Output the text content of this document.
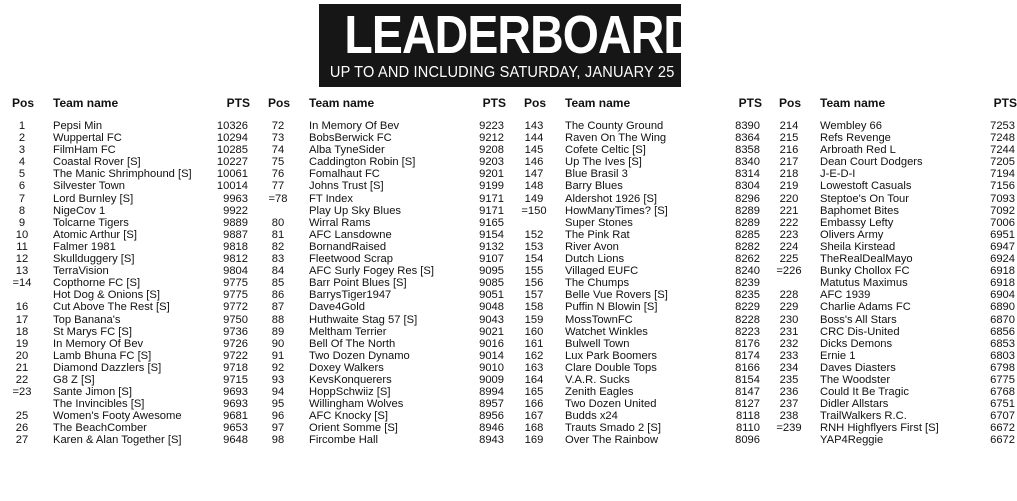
LEADERBOARD
UP TO AND INCLUDING SATURDAY, JANUARY 25
Pos Team name	PTS
1	Pepsi Min	10326
2	Wuppertal FC	10294
3	FilmHam FC	10285
4	Coastal Rover [S]	10227
5	The Manic Shrimphound [S] 10061
6	Silvester Town	10014
7	Lord Burnley [S]	9963
8	NigeCov 1	9922
9	Tolcarne Tigers	9889
10	Atomic Arthur [S]	9887
11	Falmer 1981	9818
12	Skullduggery [S]	9812
13	TerraVision	9804
=14	Copthorne FC [S]	9775
Hot Dog & Onions [S]	9775
16	Cut Above The Rest [S]	9772
17	Top Banana's	9750
18	St Marys FC [S]	9736
19	In Memory Of Bev	9726
20	Lamb Bhuna FC [S]	9722
21	Diamond Dazzlers [S]	9718
22	G8 Z [S]	9715
=23	Sante Jimon [S]	9693
The Invincibles [S]	9693
25	Women's Footy Awesome	9681
26	The BeachComber	9653
27	Karen & Alan Together [S]	9648
Pos Team name	PTS
72	In Memory Of Bev	9223
73	BobsBerwick FC	9212
74	Alba TyneSider	9208
75	Caddington Robin [S]	9203
76	Fomalhaut FC	9201
77	Johns Trust [S]	9199
=78	FT Index	9171
Play Up Sky Blues	9171
80	Wirral Rams	9165
81	AFC Lansdowne	9154
82	BornandRaised	9132
83	Fleetwood Scrap	9107
84	AFC Surly Fogey Res [S]	9095
85	Barr Point Blues [S]	9085
86	BarrysTiger1947	9051
87	Dave4Gold	9048
88	Huthwaite Stag 57 [S]	9043
89	Meltham Terrier	9021
90	Bell Of The North	9016
91	Two Dozen Dynamo	9014
92	Doxey Walkers	9010
93	KevsKonquerers	9009
94	HoppSchwiiz [S]	8994
95	Willingham Wolves	8957
96	AFC Knocky [S]	8956
97	Orient Somme [S]	8946
98	Fircombe Hall	8943
Pos Team name	PTS
143	The County Ground	8390
144	Raven On The Wing	8364
145	Cofete Celtic [S]	8358
146	Up The Ives [S]	8340
147	Blue Brasil 3	8314
148	Barry Blues	8304
149	Aldershot 1926 [S]	8296
=150	HowManyTimes? [S]	8289
Super Stones	8289
152	The Pink Rat	8285
153	River Avon	8282
154	Dutch Lions	8262
155	Villaged EUFC	8240
156	The Chumps	8239
157	Belle Vue Rovers [S]	8235
158	Puffin N Blowin [S]	8229
159	MossTownFC	8228
160	Watchet Winkles	8223
161	Bulwell Town	8176
162	Lux Park Boomers	8174
163	Clare Double Tops	8166
164	V.A.R. Sucks	8154
165	Zenith Eagles	8147
166	Two Dozen United	8127
167	Budds x24	8118
168	Trauts Smado 2 [S]	8110
169	Over The Rainbow	8096
Pos Team name	PTS
214	Wembley 66	7253
215	Refs Revenge	7248
216	Arbroath Red L	7244
217	Dean Court Dodgers	7205
218	J-E-D-I	7194
219	Lowestoft Casuals	7156
220	Steptoe's On Tour	7093
221	Baphomet Bites	7092
222	Embassy Lefty	7006
223	Olivers Army	6951
224	Sheila Kirstead	6947
225	TheRealDealMayo	6924
=226	Bunky Chollox FC	6918
Matutus Maximus	6918
228	AFC 1939	6904
229	Charlie Adams FC	6890
230	Boss's All Stars	6870
231	CRC Dis-United	6856
232	Dicks Demons	6853
233	Ernie 1	6803
234	Daves Diasters	6798
235	The Woodster	6775
236	Could It Be Tragic	6768
237	Didler Allstars	6751
238	TrailWalkers R.C.	6707
=239	RNH Highflyers First [S]	6672
YAP4Reggie	6672
